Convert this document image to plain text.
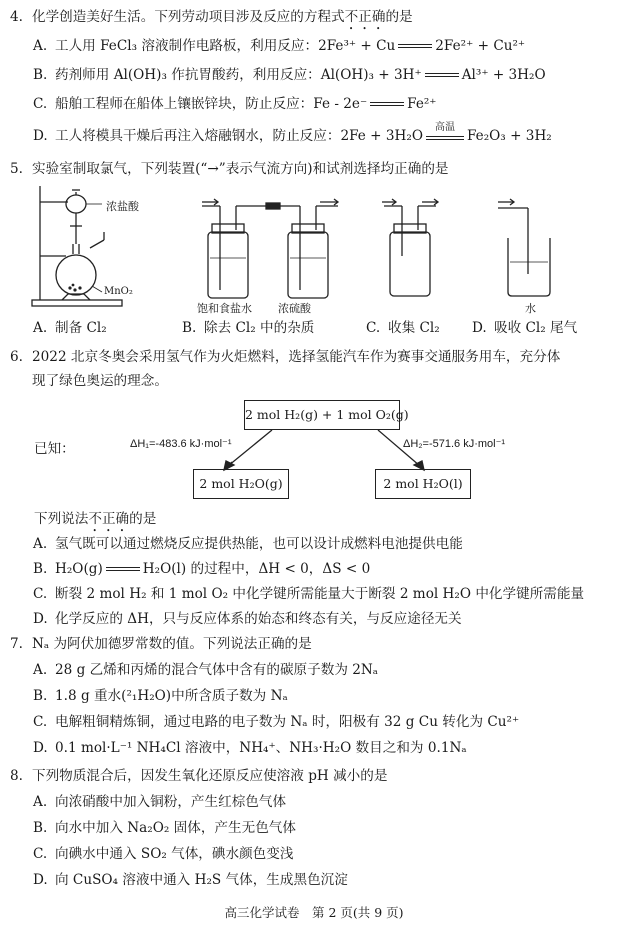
4. 化学创造美好生活。下列劳动项目涉及反应的方程式不正确的是
A. 工人用 FeCl₃ 溶液制作电路板，利用反应：2Fe³⁺ + Cu	2Fe²⁺ + Cu²⁺
B. 药剂师用 Al(OH)₃ 作抗胃酸药，利用反应：Al(OH)₃ + 3H⁺	Al³⁺ + 3H₂O
C. 船舶工程师在船体上镶嵌锌块，防止反应：Fe - 2e⁻	Fe²⁺
D. 工人将模具干燥后再注入熔融钢水，防止反应：2Fe + 3H₂O
高温
Fe₂O₃ + 3H₂
5. 实验室制取氯气，下列装置(“→”表示气流方向)和试剂选择均正确的是
浓盐酸
MnO₂
饱和食盐水 浓硫酸	水
A. 制备 Cl₂	B. 除去 Cl₂ 中的杂质	C. 收集 Cl₂ D. 吸收 Cl₂ 尾气
6. 2022 北京冬奥会采用氢气作为火炬燃料，选择氢能汽车作为赛事交通服务用车，充分体
现了绿色奥运的理念。
已知：
2 mol H₂(g) + 1 mol O₂(g)
2 mol H₂O(g)	2 mol H₂O(l)
ΔH₁=-483.6 kJ·mol⁻¹	ΔH₂=-571.6 kJ·mol⁻¹
下列说法不正确的是
A. 氢气既可以通过燃烧反应提供热能，也可以设计成燃料电池提供电能
B. H₂O(g)	H₂O(l) 的过程中，ΔH < 0，ΔS < 0
C. 断裂 2 mol H₂ 和 1 mol O₂ 中化学键所需能量大于断裂 2 mol H₂O 中化学键所需能量
D. 化学反应的 ΔH，只与反应体系的始态和终态有关，与反应途径无关
7. Nₐ 为阿伏加德罗常数的值。下列说法正确的是
A. 28 g 乙烯和丙烯的混合气体中含有的碳原子数为 2Nₐ
B. 1.8 g 重水(²₁H₂O)中所含质子数为 Nₐ
C. 电解粗铜精炼铜，通过电路的电子数为 Nₐ 时，阳极有 32 g Cu 转化为 Cu²⁺
D. 0.1 mol·L⁻¹ NH₄Cl 溶液中，NH₄⁺、NH₃·H₂O 数目之和为 0.1Nₐ
8. 下列物质混合后，因发生氧化还原反应使溶液 pH 减小的是
A. 向浓硝酸中加入铜粉，产生红棕色气体
B. 向水中加入 Na₂O₂ 固体，产生无色气体
C. 向碘水中通入 SO₂ 气体，碘水颜色变浅
D. 向 CuSO₄ 溶液中通入 H₂S 气体，生成黑色沉淀
高三化学试卷　第 2 页(共 9 页)
